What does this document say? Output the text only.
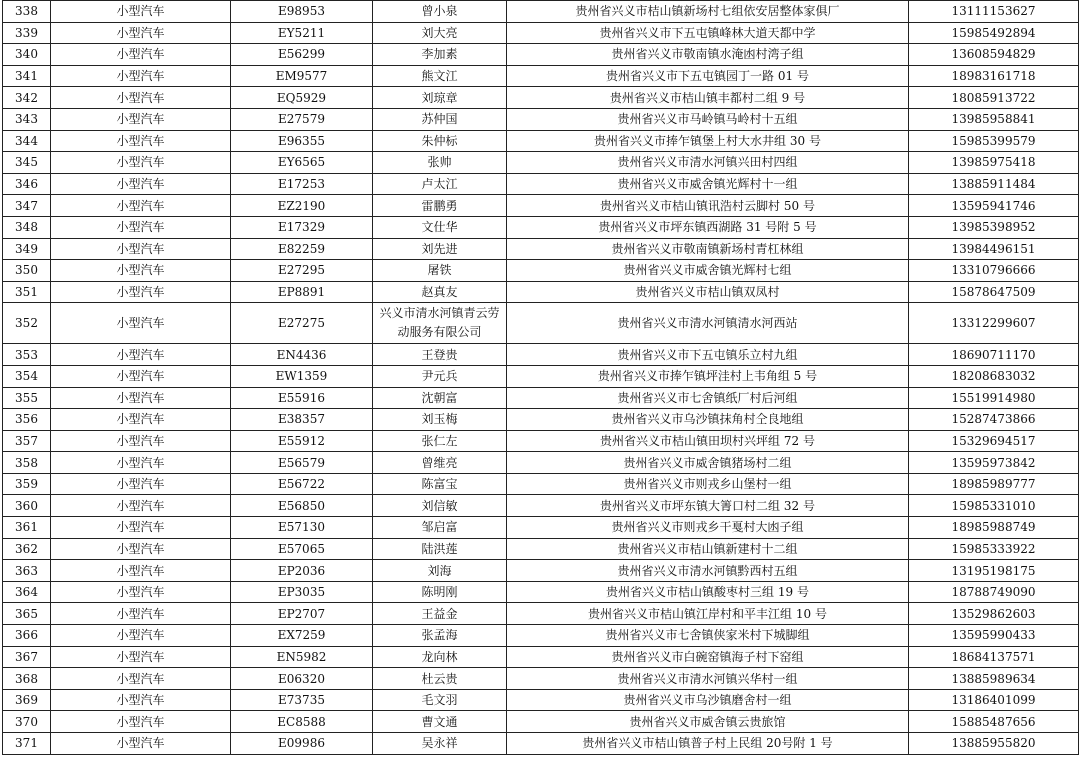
338	小型汽车	E98953	曾小泉	贵州省兴义市桔山镇新场村七组依安居整体家俱厂	13111153627
339	小型汽车	EY5211	刘大亮	贵州省兴义市下五屯镇峰林大道天都中学	15985492894
340	小型汽车	E56299	李加素	贵州省兴义市敬南镇水淹凼村湾子组	13608594829
341	小型汽车	EM9577	熊文江	贵州省兴义市下五屯镇园丁一路 01 号	18983161718
342	小型汽车	EQ5929	刘琼章	贵州省兴义市桔山镇丰都村二组 9 号	18085913722
343	小型汽车	E27579	苏仲国	贵州省兴义市马岭镇马岭村十五组	13985958841
344	小型汽车	E96355	朱仲标	贵州省兴义市捧乍镇堡上村大水井组 30 号	15985399579
345	小型汽车	EY6565	张帅	贵州省兴义市清水河镇兴田村四组	13985975418
346	小型汽车	E17253	卢太江	贵州省兴义市威舍镇光辉村十一组	13885911484
347	小型汽车	EZ2190	雷鹏勇	贵州省兴义市桔山镇讯浩村云脚村 50 号	13595941746
348	小型汽车	E17329	文仕华	贵州省兴义市坪东镇西湖路 31 号附 5 号	13985398952
349	小型汽车	E82259	刘先进	贵州省兴义市敬南镇新场村青杠林组	13984496151
350	小型汽车	E27295	屠铁	贵州省兴义市威舍镇光辉村七组	13310796666
351	小型汽车	EP8891	赵真友	贵州省兴义市桔山镇双凤村	15878647509
352	小型汽车	E27275	兴义市清水河镇青云劳动服务有限公司	贵州省兴义市清水河镇清水河西站	13312299607
353	小型汽车	EN4436	王登贵	贵州省兴义市下五屯镇乐立村九组	18690711170
354	小型汽车	EW1359	尹元兵	贵州省兴义市捧乍镇坪洼村上韦角组 5 号	18208683032
355	小型汽车	E55916	沈朝富	贵州省兴义市七舍镇纸厂村后河组	15519914980
356	小型汽车	E38357	刘玉梅	贵州省兴义市乌沙镇抹角村仝良地组	15287473866
357	小型汽车	E55912	张仁左	贵州省兴义市桔山镇田坝村兴坪组 72 号	15329694517
358	小型汽车	E56579	曾维亮	贵州省兴义市威舍镇猪场村二组	13595973842
359	小型汽车	E56722	陈富宝	贵州省兴义市则戎乡山堡村一组	18985989777
360	小型汽车	E56850	刘信敏	贵州省兴义市坪东镇大箐口村二组 32 号	15985331010
361	小型汽车	E57130	邹启富	贵州省兴义市则戎乡干戛村大凼子组	18985988749
362	小型汽车	E57065	陆洪莲	贵州省兴义市桔山镇新建村十二组	15985333922
363	小型汽车	EP2036	刘海	贵州省兴义市清水河镇黔西村五组	13195198175
364	小型汽车	EP3035	陈明刚	贵州省兴义市桔山镇酸枣村三组 19 号	18788749090
365	小型汽车	EP2707	王益金	贵州省兴义市桔山镇江岸村和平丰江组 10 号	13529862603
366	小型汽车	EX7259	张孟海	贵州省兴义市七舍镇侠家米村下城脚组	13595990433
367	小型汽车	EN5982	龙向林	贵州省兴义市白碗窑镇海子村下窑组	18684137571
368	小型汽车	E06320	杜云贵	贵州省兴义市清水河镇兴华村一组	13885989634
369	小型汽车	E73735	毛文羽	贵州省兴义市乌沙镇磨舍村一组	13186401099
370	小型汽车	EC8588	曹文通	贵州省兴义市威舍镇云贵旅馆	15885487656
371	小型汽车	E09986	吴永祥	贵州省兴义市桔山镇普子村上民组 20号附 1 号	13885955820
